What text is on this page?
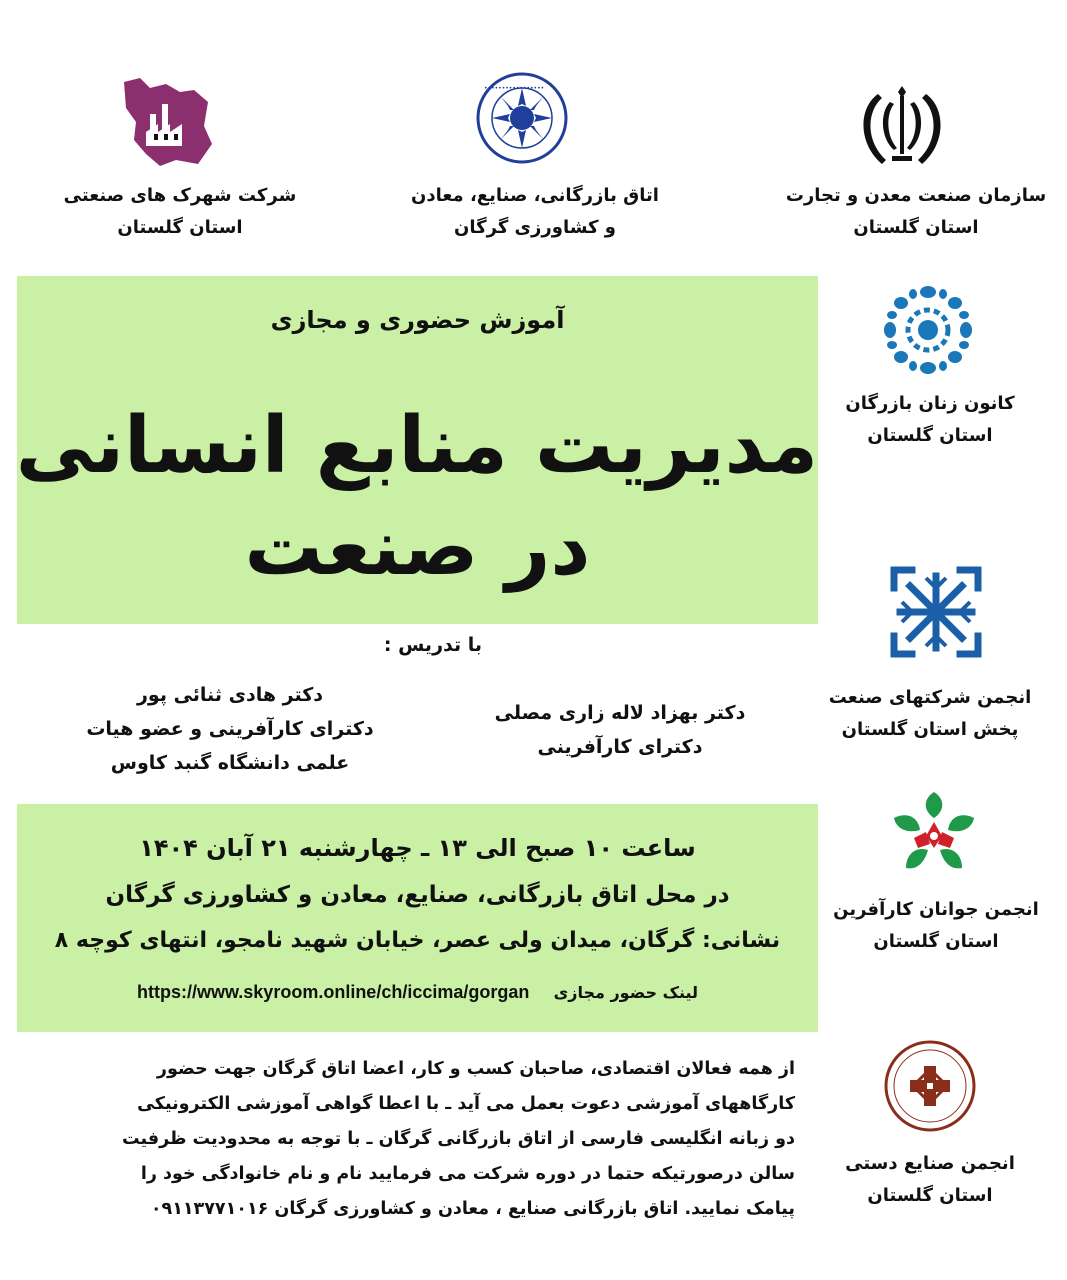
•••••••••••••••••
سازمان صنعت معدن و تجارت
استان گلستان
اتاق بازرگانی، صنایع، معادن
و کشاورزی گرگان
شرکت شهرک های صنعتی
استان گلستان
کانون زنان بازرگان
استان گلستان
انجمن شرکتهای صنعت
پخش استان گلستان
انجمن جوانان کارآفرین
استان گلستان
انجمن صنایع دستی
استان گلستان
آموزش حضوری و مجازی
مدیریت منابع انسانی
در صنعت
با تدریس :
دکتر بهزاد لاله زاری مصلی
دکترای کارآفرینی
دکتر هادی ثنائی پور
دکترای کارآفرینی و عضو هیات
علمی دانشگاه گنبد کاوس
ساعت ۱۰ صبح الی ۱۳ ـ چهارشنبه ۲۱ آبان ۱۴۰۴
در محل اتاق بازرگانی، صنایع، معادن و کشاورزی گرگان
نشانی: گرگان، میدان ولی عصر، خیابان شهید نامجو، انتهای کوچه ۸
لینک حضور مجازی  https://www.skyroom.online/ch/iccima/gorgan
از همه فعالان اقتصادی، صاحبان کسب و کار، اعضا اتاق گرگان جهت حضور
کارگاههای آموزشی دعوت بعمل می آید ـ با اعطا گواهی آموزشی الکترونیکی
دو زبانه انگلیسی فارسی از اتاق بازرگانی گرگان ـ با توجه به محدودیت ظرفیت
سالن درصورتیکه حتما در دوره شرکت می فرمایید نام و نام خانوادگی خود را
پیامک نمایید. اتاق بازرگانی صنایع ، معادن و کشاورزی گرگان ۰۹۱۱۳۷۷۱۰۱۶
